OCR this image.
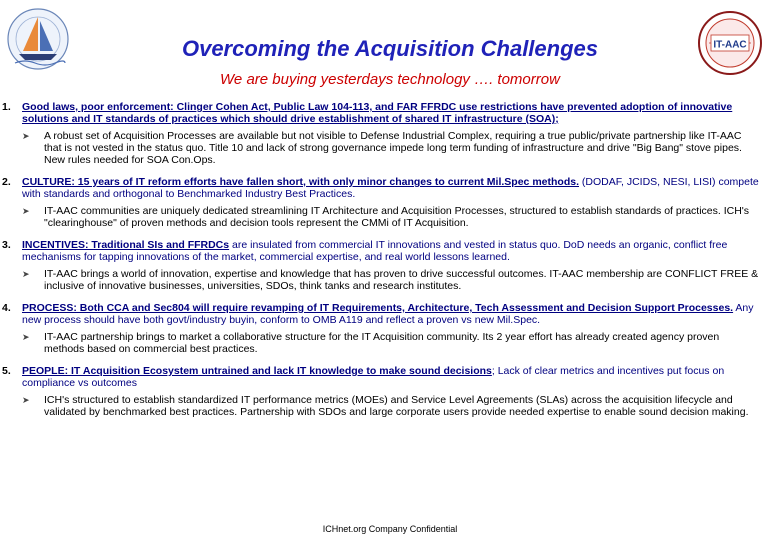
IT-AAC
Overcoming the Acquisition Challenges
We are buying yesterdays technology …. tomorrow
1. Good laws, poor enforcement: Clinger Cohen Act, Public Law 104-113, and FAR FFRDC use restrictions have prevented adoption of innovative solutions and IT standards of practices which should drive establishment of shared IT infrastructure (SOA);
➤ A robust set of Acquisition Processes are available but not visible to Defense Industrial Complex, requiring a true public/private partnership like IT-AAC that is not vested in the status quo. Title 10 and lack of strong governance impede long term funding of infrastructure and drive "Big Bang" stove pipes. New rules needed for SOA Con.Ops.
2. CULTURE: 15 years of IT reform efforts have fallen short, with only minor changes to current Mil.Spec methods. (DODAF, JCIDS, NESI, LISI) compete with standards and orthogonal to Benchmarked Industry Best Practices.
➤ IT-AAC communities are uniquely dedicated streamlining IT Architecture and Acquisition Processes, structured to establish standards of practices. ICH's "clearinghouse" of proven methods and decision tools represent the CMMi of IT Acquisition.
3. INCENTIVES: Traditional SIs and FFRDCs are insulated from commercial IT innovations and vested in status quo. DoD needs an organic, conflict free mechanisms for tapping innovations of the market, commercial expertise, and real world lessons learned.
➤ IT-AAC brings a world of innovation, expertise and knowledge that has proven to drive successful outcomes. IT-AAC membership are CONFLICT FREE & inclusive of innovative businesses, universities, SDOs, think tanks and research institutes.
4. PROCESS: Both CCA and Sec804 will require revamping of IT Requirements, Architecture, Tech Assessment and Decision Support Processes. Any new process should have both govt/industry buyin, conform to OMB A119 and reflect a proven vs new Mil.Spec.
➤ IT-AAC partnership brings to market a collaborative structure for the IT Acquisition community. Its 2 year effort has already created agency proven methods based on commercial best practices.
5. PEOPLE: IT Acquisition Ecosystem untrained and lack IT knowledge to make sound decisions; Lack of clear metrics and incentives put focus on compliance vs outcomes
➤ ICH's structured to establish standardized IT performance metrics (MOEs) and Service Level Agreements (SLAs) across the acquisition lifecycle and validated by benchmarked best practices. Partnership with SDOs and large corporate users provide needed expertise to enable sound decision making.
ICHnet.org Company Confidential
